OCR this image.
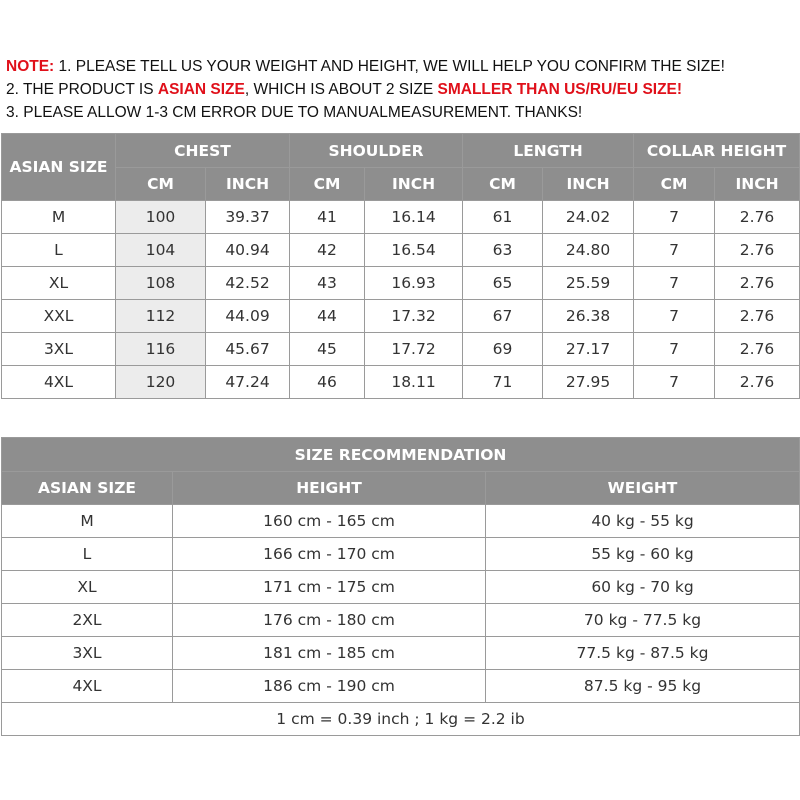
NOTE: 1. PLEASE TELL US YOUR WEIGHT AND HEIGHT, WE WILL HELP YOU CONFIRM THE SIZE!
2. THE PRODUCT IS ASIAN SIZE, WHICH IS ABOUT 2 SIZE SMALLER THAN US/RU/EU SIZE!
3. PLEASE ALLOW 1-3 CM ERROR DUE TO MANUALMEASUREMENT. THANKS!
ASIAN SIZE	CHEST		SHOULDER		LENGTH		COLLAR HEIGHT	
	CM	INCH	CM	INCH	CM	INCH	CM	INCH
M	100	39.37	41	16.14	61	24.02	7	2.76
L	104	40.94	42	16.54	63	24.80	7	2.76
XL	108	42.52	43	16.93	65	25.59	7	2.76
XXL	112	44.09	44	17.32	67	26.38	7	2.76
3XL	116	45.67	45	17.72	69	27.17	7	2.76
4XL	120	47.24	46	18.11	71	27.95	7	2.76
SIZE RECOMMENDATION		
ASIAN SIZE	HEIGHT	WEIGHT
M	160 cm - 165 cm	40 kg - 55 kg
L	166 cm - 170 cm	55 kg - 60 kg
XL	171 cm - 175 cm	60 kg - 70 kg
2XL	176 cm - 180 cm	70 kg - 77.5 kg
3XL	181 cm - 185 cm	77.5 kg - 87.5 kg
4XL	186 cm - 190 cm	87.5 kg - 95 kg
1 cm = 0.39 inch ; 1 kg = 2.2 ib		
